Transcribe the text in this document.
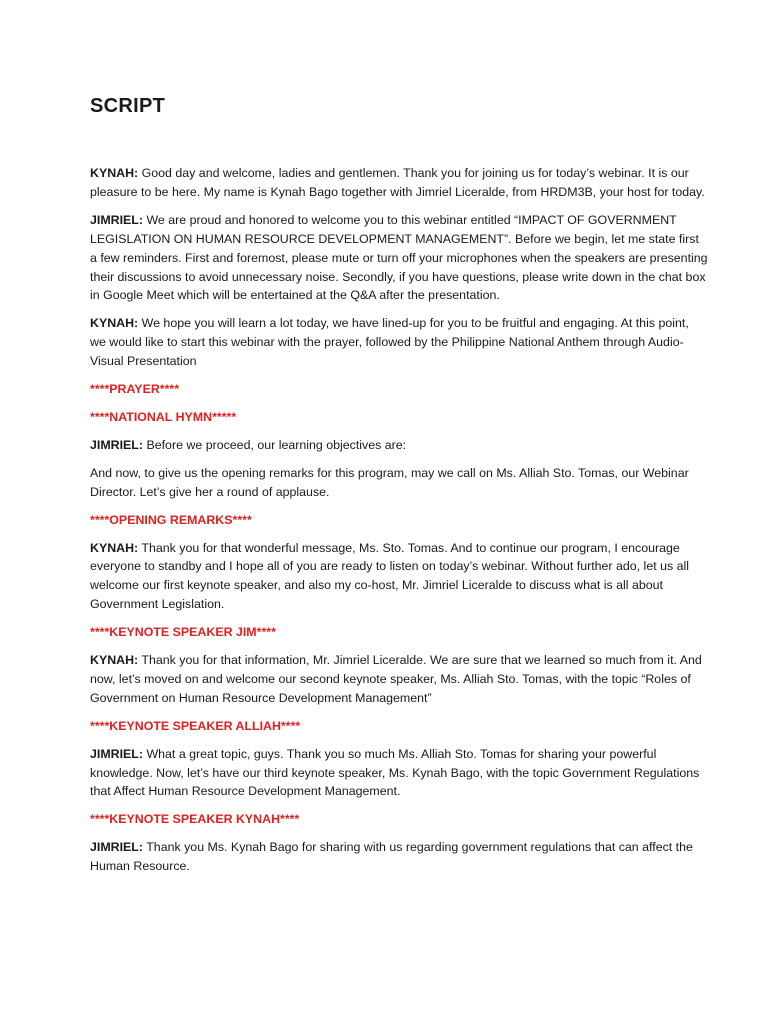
SCRIPT

KYNAH: Good day and welcome, ladies and gentlemen. Thank you for joining us for today’s webinar. It is our pleasure to be here. My name is Kynah Bago together with Jimriel Liceralde, from HRDM3B, your host for today.

JIMRIEL: We are proud and honored to welcome you to this webinar entitled “IMPACT OF GOVERNMENT LEGISLATION ON HUMAN RESOURCE DEVELOPMENT MANAGEMENT”. Before we begin, let me state first a few reminders. First and foremost, please mute or turn off your microphones when the speakers are presenting their discussions to avoid unnecessary noise. Secondly, if you have questions, please write down in the chat box in Google Meet which will be entertained at the Q&A after the presentation.

KYNAH: We hope you will learn a lot today, we have lined-up for you to be fruitful and engaging. At this point, we would like to start this webinar with the prayer, followed by the Philippine National Anthem through Audio-Visual Presentation

****PRAYER****

****NATIONAL HYMN*****

JIMRIEL: Before we proceed, our learning objectives are:

And now, to give us the opening remarks for this program, may we call on Ms. Alliah Sto. Tomas, our Webinar Director. Let’s give her a round of applause.

****OPENING REMARKS****

KYNAH: Thank you for that wonderful message, Ms. Sto. Tomas. And to continue our program, I encourage everyone to standby and I hope all of you are ready to listen on today’s webinar. Without further ado, let us all welcome our first keynote speaker, and also my co-host, Mr. Jimriel Liceralde to discuss what is all about Government Legislation.

****KEYNOTE SPEAKER JIM****

KYNAH: Thank you for that information, Mr. Jimriel Liceralde. We are sure that we learned so much from it. And now, let’s moved on and welcome our second keynote speaker, Ms. Alliah Sto. Tomas, with the topic “Roles of Government on Human Resource Development Management”

****KEYNOTE SPEAKER ALLIAH****

JIMRIEL: What a great topic, guys. Thank you so much Ms. Alliah Sto. Tomas for sharing your powerful knowledge. Now, let’s have our third keynote speaker, Ms. Kynah Bago, with the topic Government Regulations that Affect Human Resource Development Management.

****KEYNOTE SPEAKER KYNAH****

JIMRIEL: Thank you Ms. Kynah Bago for sharing with us regarding government regulations that can affect the Human Resource.
